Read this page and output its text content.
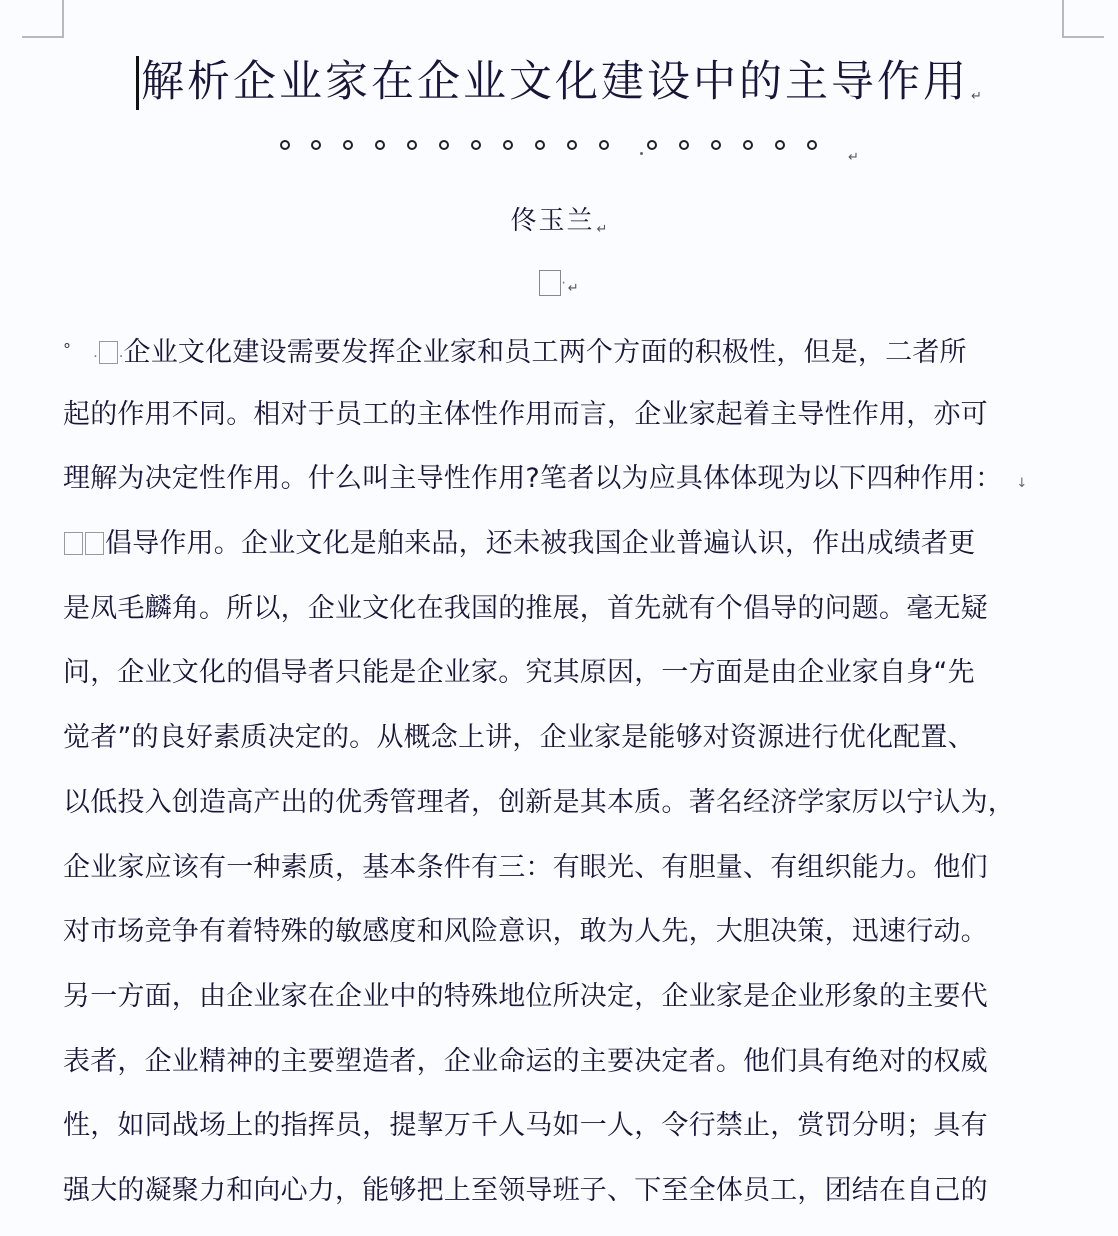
解析企业家在企业文化建设中的主导作用 $_↵$
↵
佟玉兰 $_↵$
· $_↵$
° · ·企业文化建设需要发挥企业家和员工两个方面的积极性，但是，二者所
起的作用不同。相对于员工的主体性作用而言，企业家起着主导性作用，亦可
理解为决定性作用。什么叫主导性作用?笔者以为应具体体现为以下四种作用： ↓
倡导作用。企业文化是舶来品，还未被我国企业普遍认识，作出成绩者更
是凤毛麟角。所以，企业文化在我国的推展，首先就有个倡导的问题。毫无疑
问，企业文化的倡导者只能是企业家。究其原因，一方面是由企业家自身“先
觉者”的良好素质决定的。从概念上讲，企业家是能够对资源进行优化配置、
以低投入创造高产出的优秀管理者，创新是其本质。著名经济学家厉以宁认为，
企业家应该有一种素质，基本条件有三：有眼光、有胆量、有组织能力。他们
对市场竞争有着特殊的敏感度和风险意识，敢为人先，大胆决策，迅速行动。
另一方面，由企业家在企业中的特殊地位所决定，企业家是企业形象的主要代
表者，企业精神的主要塑造者，企业命运的主要决定者。他们具有绝对的权威
性，如同战场上的指挥员，提挈万千人马如一人，令行禁止，赏罚分明；具有
强大的凝聚力和向心力，能够把上至领导班子、下至全体员工，团结在自己的
